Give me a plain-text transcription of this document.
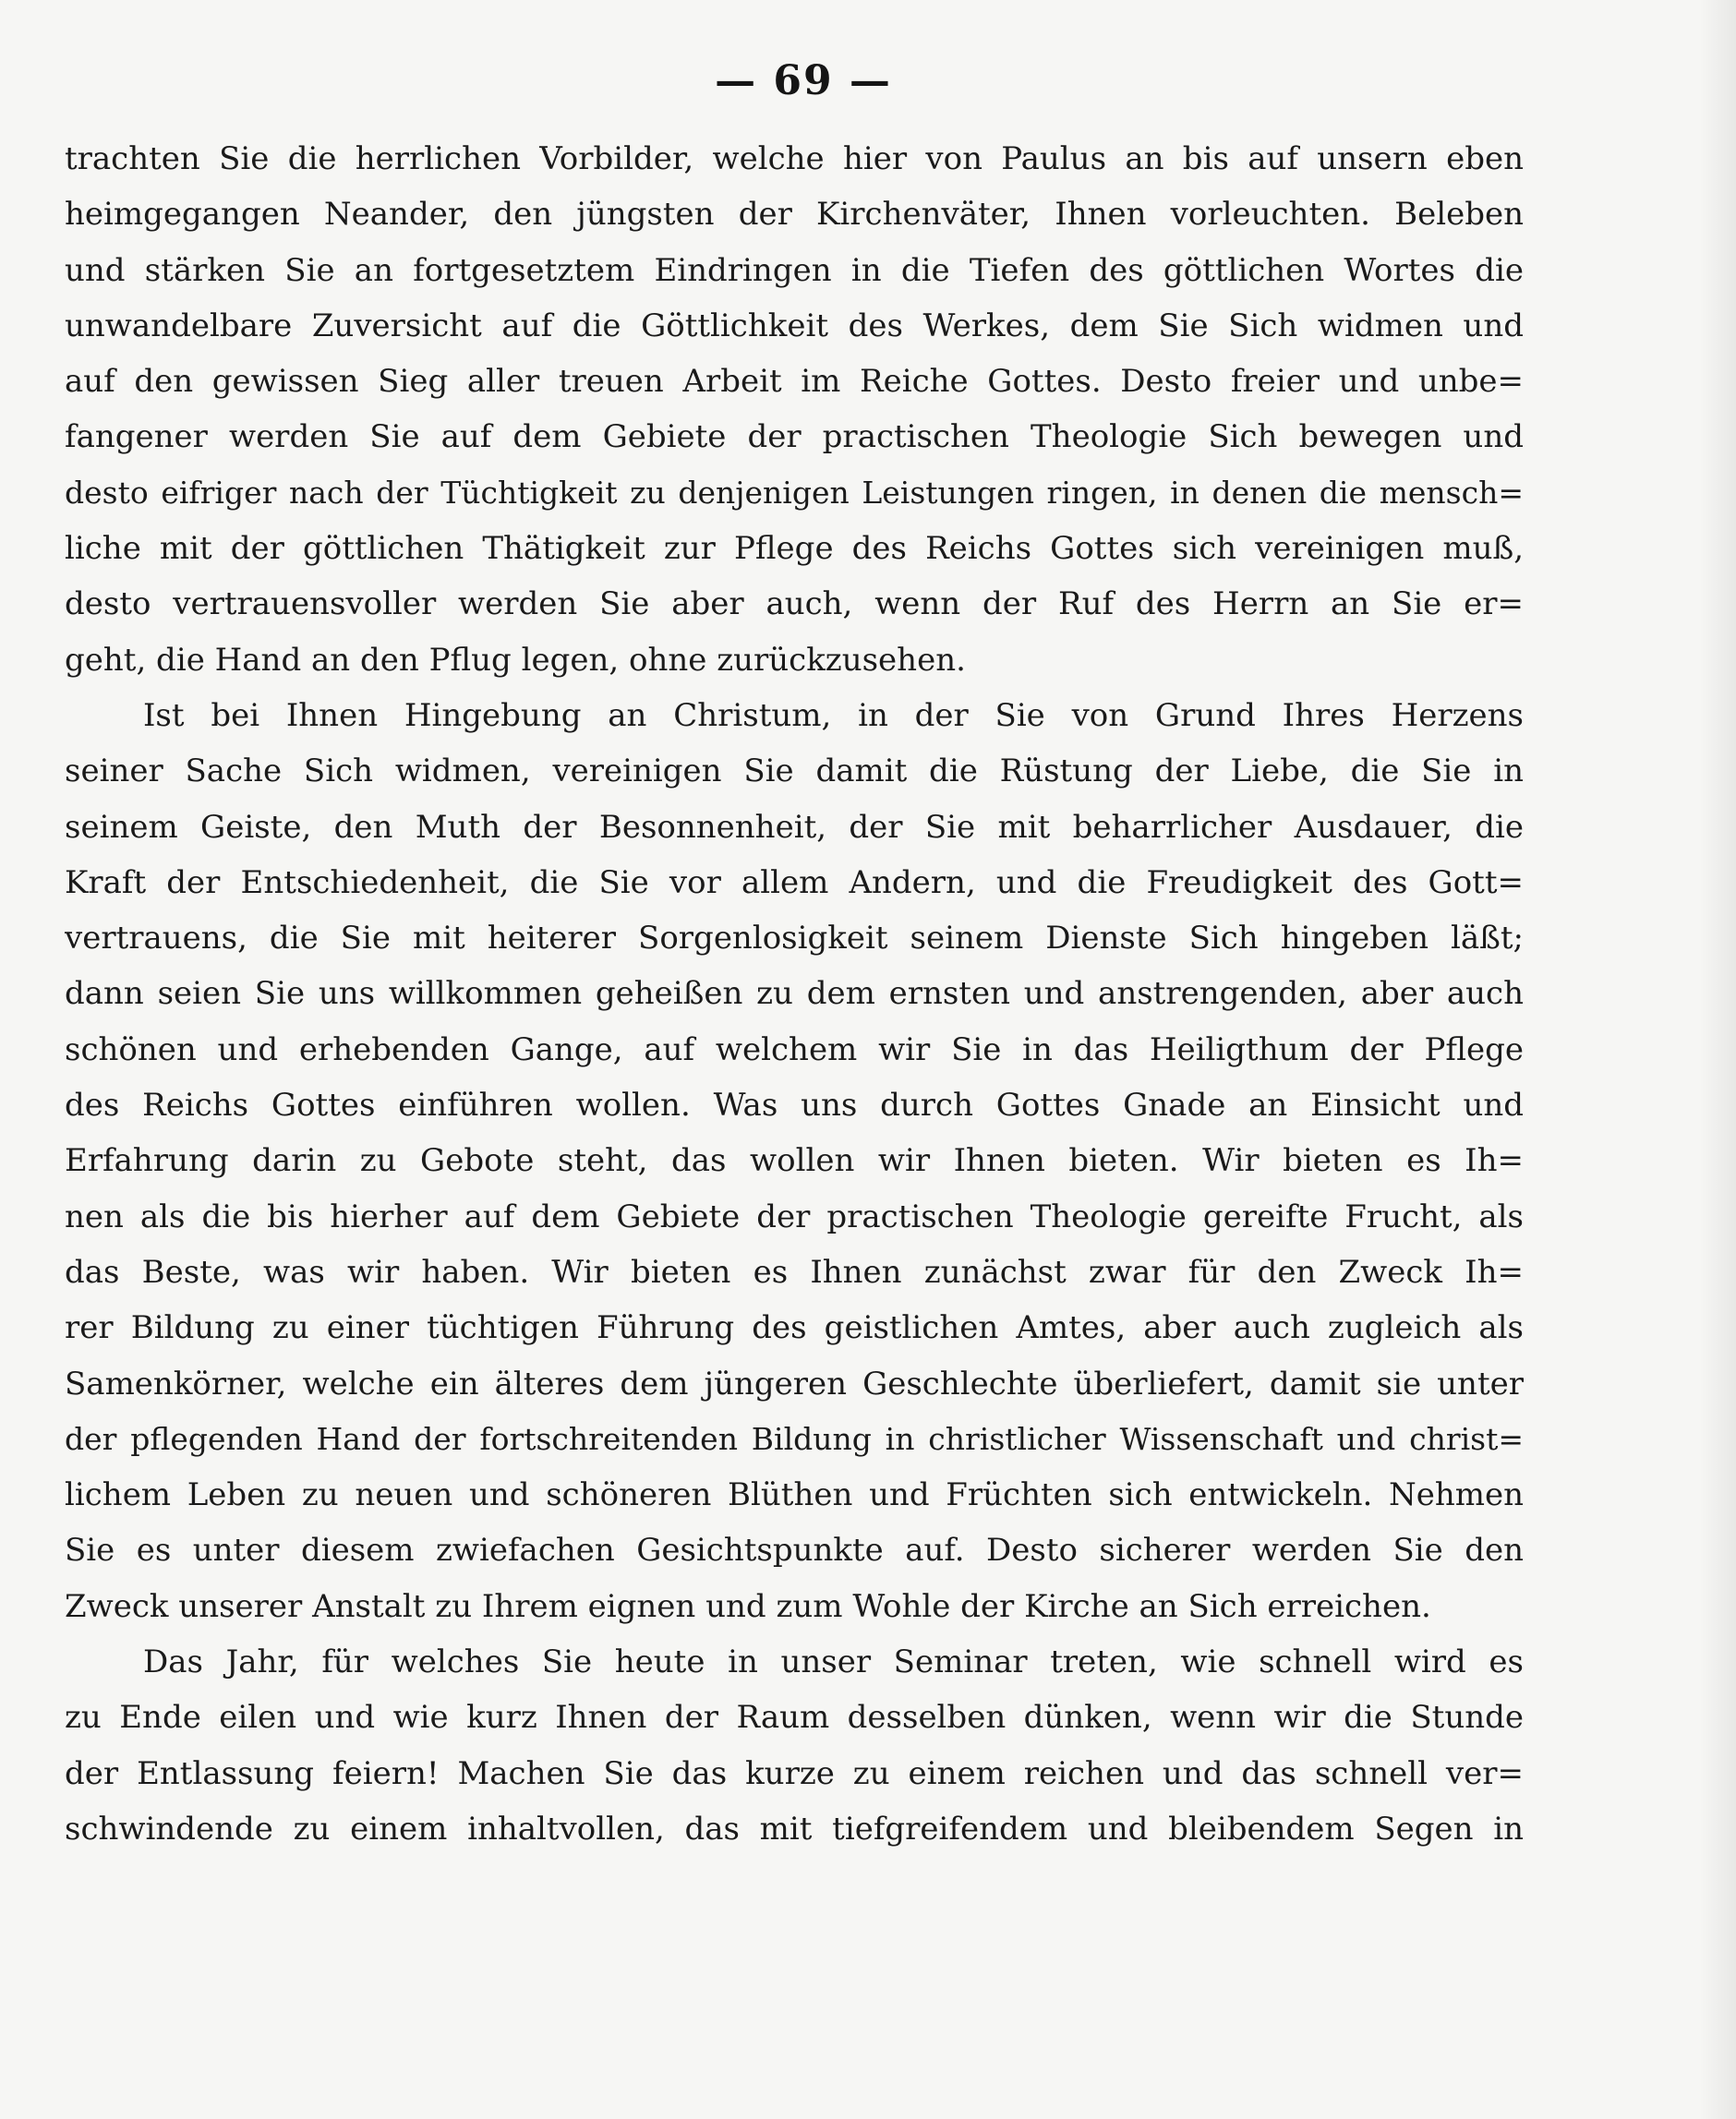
— 69 —
trachten Sie die herrlichen Vorbilder, welche hier von Paulus an bis auf unsern eben
heimgegangen Neander, den jüngsten der Kirchenväter, Ihnen vorleuchten. Beleben
und stärken Sie an fortgesetztem Eindringen in die Tiefen des göttlichen Wortes die
unwandelbare Zuversicht auf die Göttlichkeit des Werkes, dem Sie Sich widmen und
auf den gewissen Sieg aller treuen Arbeit im Reiche Gottes. Desto freier und unbe=
fangener werden Sie auf dem Gebiete der practischen Theologie Sich bewegen und
desto eifriger nach der Tüchtigkeit zu denjenigen Leistungen ringen, in denen die mensch=
liche mit der göttlichen Thätigkeit zur Pflege des Reichs Gottes sich vereinigen muß,
desto vertrauensvoller werden Sie aber auch, wenn der Ruf des Herrn an Sie er=
geht, die Hand an den Pflug legen, ohne zurückzusehen.
Ist bei Ihnen Hingebung an Christum, in der Sie von Grund Ihres Herzens
seiner Sache Sich widmen, vereinigen Sie damit die Rüstung der Liebe, die Sie in
seinem Geiste, den Muth der Besonnenheit, der Sie mit beharrlicher Ausdauer, die
Kraft der Entschiedenheit, die Sie vor allem Andern, und die Freudigkeit des Gott=
vertrauens, die Sie mit heiterer Sorgenlosigkeit seinem Dienste Sich hingeben läßt;
dann seien Sie uns willkommen geheißen zu dem ernsten und anstrengenden, aber auch
schönen und erhebenden Gange, auf welchem wir Sie in das Heiligthum der Pflege
des Reichs Gottes einführen wollen. Was uns durch Gottes Gnade an Einsicht und
Erfahrung darin zu Gebote steht, das wollen wir Ihnen bieten. Wir bieten es Ih=
nen als die bis hierher auf dem Gebiete der practischen Theologie gereifte Frucht, als
das Beste, was wir haben. Wir bieten es Ihnen zunächst zwar für den Zweck Ih=
rer Bildung zu einer tüchtigen Führung des geistlichen Amtes, aber auch zugleich als
Samenkörner, welche ein älteres dem jüngeren Geschlechte überliefert, damit sie unter
der pflegenden Hand der fortschreitenden Bildung in christlicher Wissenschaft und christ=
lichem Leben zu neuen und schöneren Blüthen und Früchten sich entwickeln. Nehmen
Sie es unter diesem zwiefachen Gesichtspunkte auf. Desto sicherer werden Sie den
Zweck unserer Anstalt zu Ihrem eignen und zum Wohle der Kirche an Sich erreichen.
Das Jahr, für welches Sie heute in unser Seminar treten, wie schnell wird es
zu Ende eilen und wie kurz Ihnen der Raum desselben dünken, wenn wir die Stunde
der Entlassung feiern! Machen Sie das kurze zu einem reichen und das schnell ver=
schwindende zu einem inhaltvollen, das mit tiefgreifendem und bleibendem Segen in
